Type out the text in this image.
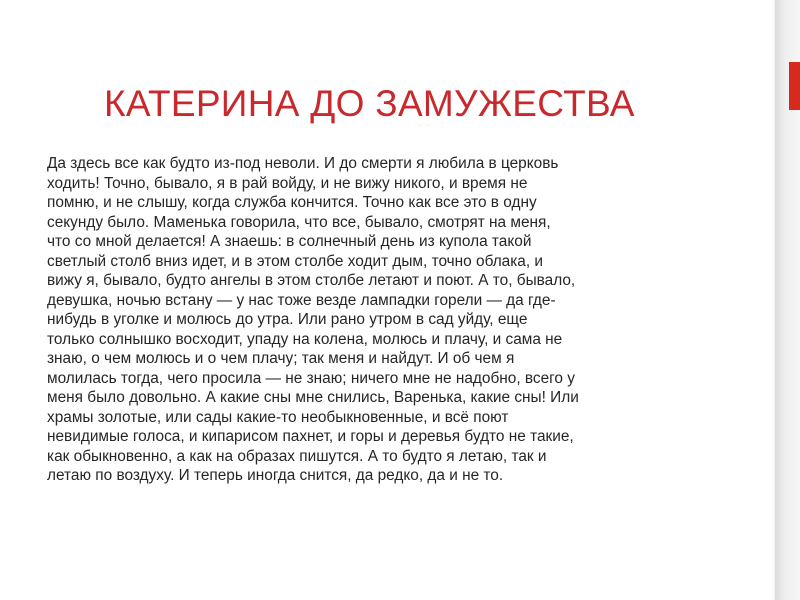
КАТЕРИНА ДО ЗАМУЖЕСТВА
Да здесь все как будто из-под неволи. И до смерти я любила в церковь
ходить! Точно, бывало, я в рай войду, и не вижу никого, и время не
помню, и не слышу, когда служба кончится. Точно как все это в одну
секунду было. Маменька говорила, что все, бывало, смотрят на меня,
что со мной делается! А знаешь: в солнечный день из купола такой
светлый столб вниз идет, и в этом столбе ходит дым, точно облака, и
вижу я, бывало, будто ангелы в этом столбе летают и поют. А то, бывало,
девушка, ночью встану — у нас тоже везде лампадки горели — да где-
нибудь в уголке и молюсь до утра. Или рано утром в сад уйду, еще
только солнышко восходит, упаду на колена, молюсь и плачу, и сама не
знаю, о чем молюсь и о чем плачу; так меня и найдут. И об чем я
молилась тогда, чего просила — не знаю; ничего мне не надобно, всего у
меня было довольно. А какие сны мне снились, Варенька, какие сны! Или
храмы золотые, или сады какие-то необыкновенные, и всё поют
невидимые голоса, и кипарисом пахнет, и горы и деревья будто не такие,
как обыкновенно, а как на образах пишутся. А то будто я летаю, так и
летаю по воздуху. И теперь иногда снится, да редко, да и не то.
